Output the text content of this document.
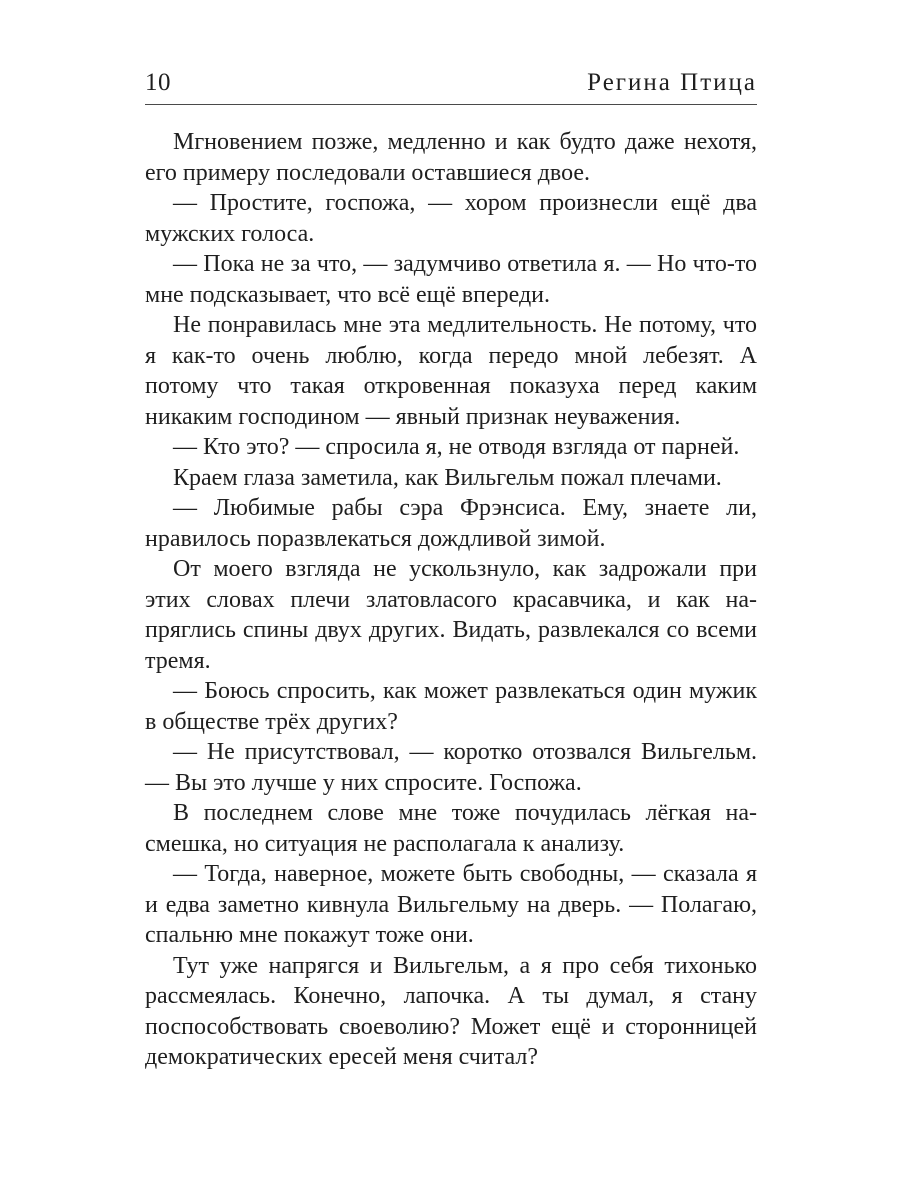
10	Регина Птица

Мгновением позже, медленно и как будто даже нехотя, его примеру последовали оставшиеся двое.

— Простите, госпожа, — хором произнесли ещё два мужских голоса.

— Пока не за что, — задумчиво ответила я. — Но что-то мне подсказывает, что всё ещё впереди.

Не понравилась мне эта медлительность. Не потому, что я как-то очень люблю, когда передо мной лебезят. А потому что такая откровенная показуха перед каким никаким господином — явный признак неуважения.

— Кто это? — спросила я, не отводя взгляда от парней.

Краем глаза заметила, как Вильгельм пожал плечами.

— Любимые рабы сэра Фрэнсиса. Ему, знаете ли, нравилось поразвлекаться дождливой зимой.

От моего взгляда не ускользнуло, как задрожали при этих словах плечи златовласого красавчика, и как напряглись спины двух других. Видать, развлекался со всеми тремя.

— Боюсь спросить, как может развлекаться один мужик в обществе трёх других?

— Не присутствовал, — коротко отозвался Вильгельм. — Вы это лучше у них спросите. Госпожа.

В последнем слове мне тоже почудилась лёгкая насмешка, но ситуация не располагала к анализу.

— Тогда, наверное, можете быть свободны, — сказала я и едва заметно кивнула Вильгельму на дверь. — Полагаю, спальню мне покажут тоже они.

Тут уже напрягся и Вильгельм, а я про себя тихонько рассмеялась. Конечно, лапочка. А ты думал, я стану поспособствовать своеволию? Может ещё и сторонницей демократических ересей меня считал?
